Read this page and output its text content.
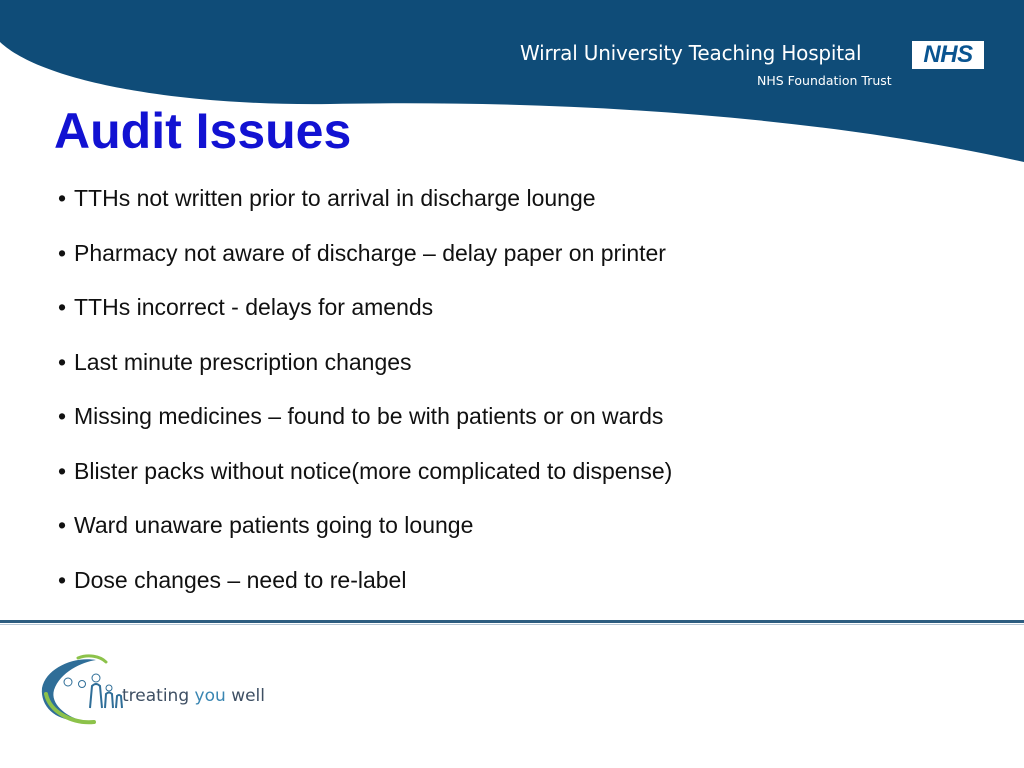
Wirral University Teaching Hospital
NHS Foundation Trust
NHS
Audit Issues
• TTHs not written prior to arrival in discharge lounge
• Pharmacy not aware of discharge – delay paper on printer
• TTHs incorrect - delays for amends
• Last minute prescription changes
• Missing medicines – found to be with patients or on wards
• Blister packs without notice(more complicated to dispense)
• Ward unaware patients going to lounge
• Dose changes – need to re-label
treating you well
